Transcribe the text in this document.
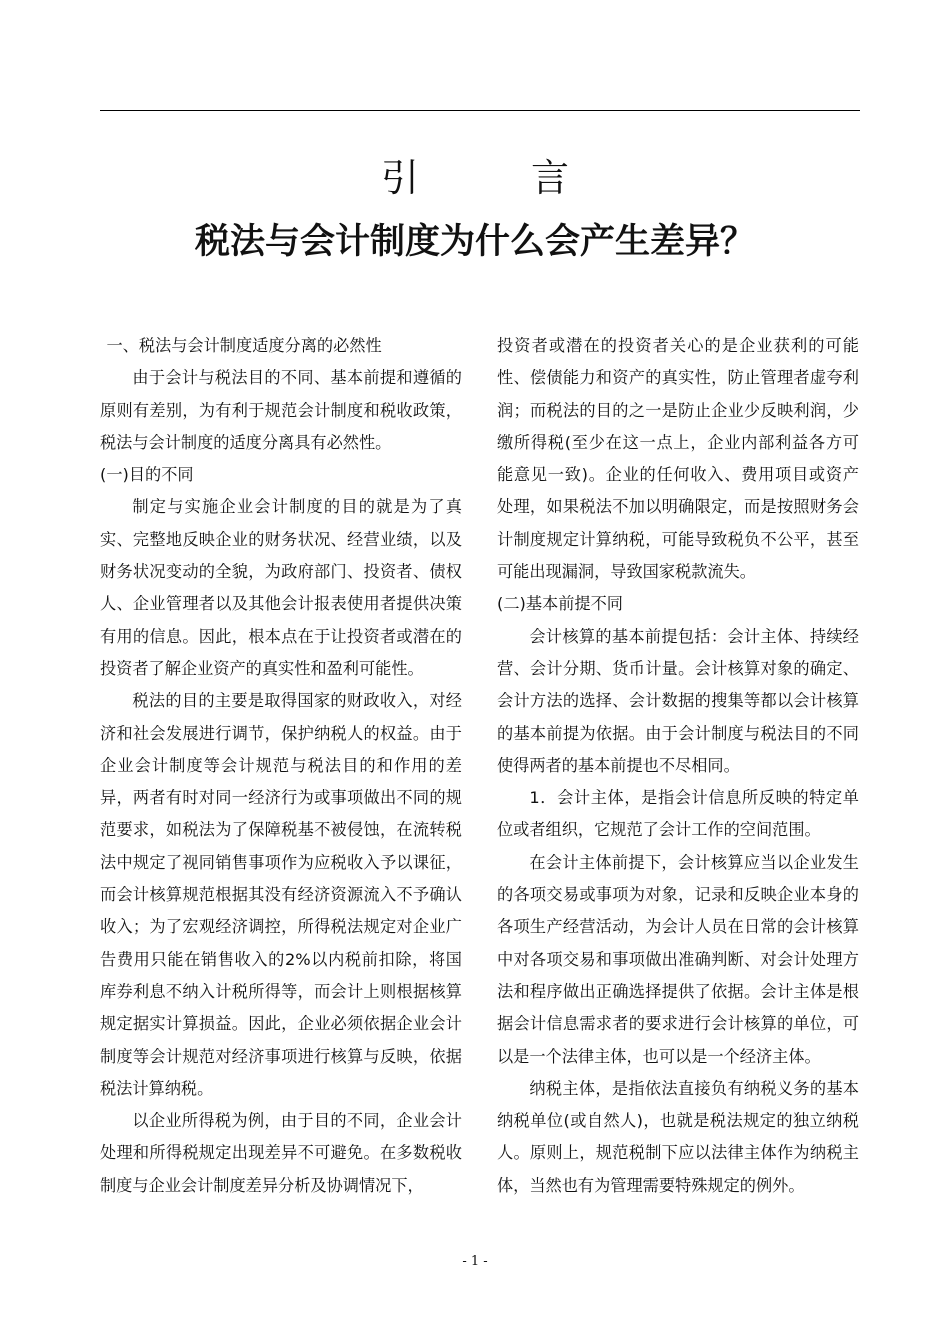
引 言
税法与会计制度为什么会产生差异？

一、税法与会计制度适度分离的必然性

由于会计与税法目的不同、基本前提和遵循的原则有差别，为有利于规范会计制度和税收政策，税法与会计制度的适度分离具有必然性。

(一)目的不同

制定与实施企业会计制度的目的就是为了真实、完整地反映企业的财务状况、经营业绩，以及财务状况变动的全貌，为政府部门、投资者、债权人、企业管理者以及其他会计报表使用者提供决策有用的信息。因此，根本点在于让投资者或潜在的投资者了解企业资产的真实性和盈利可能性。

税法的目的主要是取得国家的财政收入，对经济和社会发展进行调节，保护纳税人的权益。由于企业会计制度等会计规范与税法目的和作用的差异，两者有时对同一经济行为或事项做出不同的规范要求，如税法为了保障税基不被侵蚀，在流转税法中规定了视同销售事项作为应税收入予以课征，而会计核算规范根据其没有经济资源流入不予确认收入；为了宏观经济调控，所得税法规定对企业广告费用只能在销售收入的2%以内税前扣除，将国库券利息不纳入计税所得等，而会计上则根据核算规定据实计算损益。因此，企业必须依据企业会计制度等会计规范对经济事项进行核算与反映，依据税法计算纳税。

以企业所得税为例，由于目的不同，企业会计处理和所得税规定出现差异不可避免。在多数税收制度与企业会计制度差异分析及协调情况下，

投资者或潜在的投资者关心的是企业获利的可能性、偿债能力和资产的真实性，防止管理者虚夸利润；而税法的目的之一是防止企业少反映利润，少缴所得税(至少在这一点上，企业内部利益各方可能意见一致)。企业的任何收入、费用项目或资产处理，如果税法不加以明确限定，而是按照财务会计制度规定计算纳税，可能导致税负不公平，甚至可能出现漏洞，导致国家税款流失。

(二)基本前提不同

会计核算的基本前提包括：会计主体、持续经营、会计分期、货币计量。会计核算对象的确定、会计方法的选择、会计数据的搜集等都以会计核算的基本前提为依据。由于会计制度与税法目的不同使得两者的基本前提也不尽相同。

1．会计主体，是指会计信息所反映的特定单位或者组织，它规范了会计工作的空间范围。

在会计主体前提下，会计核算应当以企业发生的各项交易或事项为对象，记录和反映企业本身的各项生产经营活动，为会计人员在日常的会计核算中对各项交易和事项做出准确判断、对会计处理方法和程序做出正确选择提供了依据。会计主体是根据会计信息需求者的要求进行会计核算的单位，可以是一个法律主体，也可以是一个经济主体。

纳税主体，是指依法直接负有纳税义务的基本纳税单位(或自然人)，也就是税法规定的独立纳税人。原则上，规范税制下应以法律主体作为纳税主体，当然也有为管理需要特殊规定的例外。

- 1 -
